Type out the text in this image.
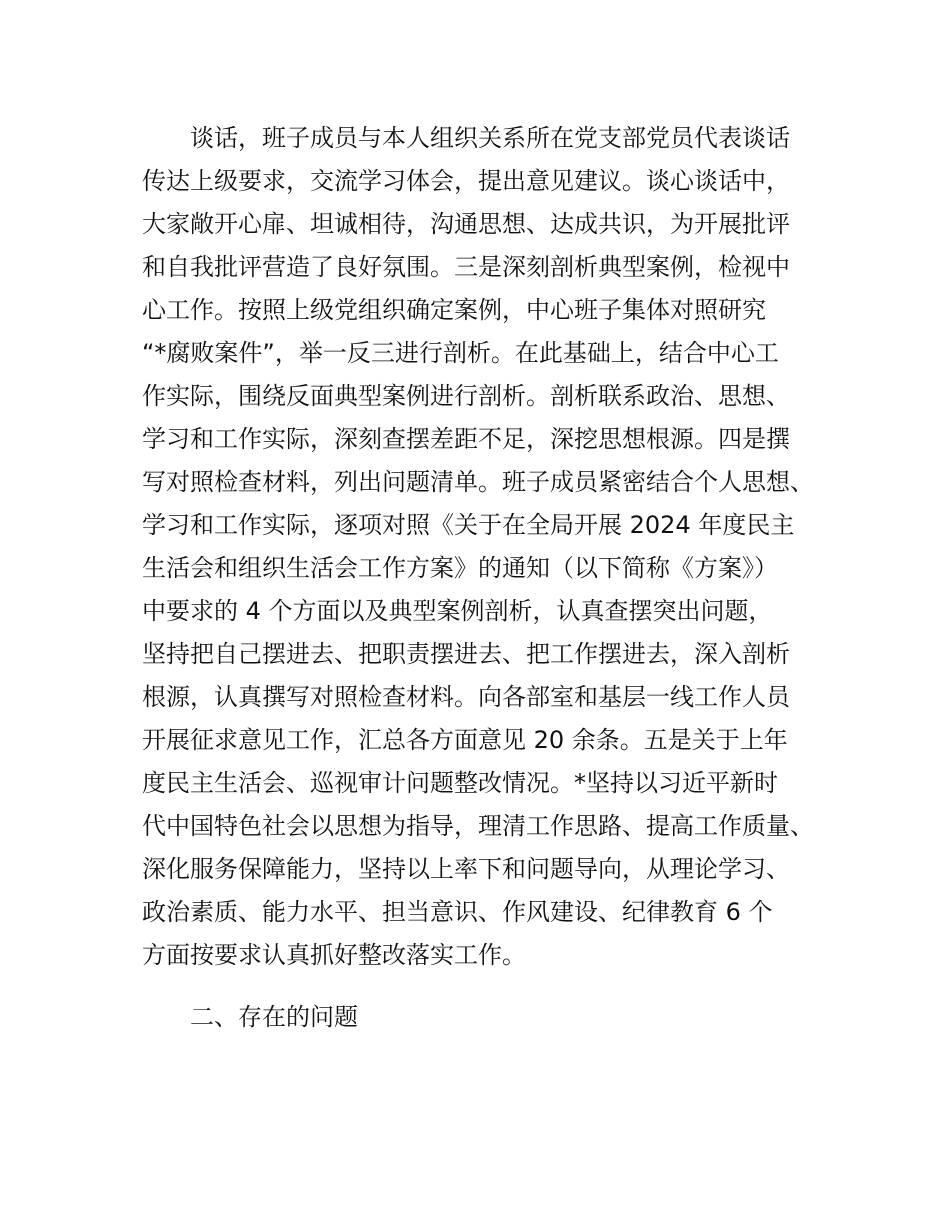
谈话，班子成员与本人组织关系所在党支部党员代表谈话
传达上级要求，交流学习体会，提出意见建议。谈心谈话中，
大家敞开心扉、坦诚相待，沟通思想、达成共识，为开展批评
和自我批评营造了良好氛围。三是深刻剖析典型案例，检视中
心工作。按照上级党组织确定案例，中心班子集体对照研究
“*腐败案件”，举一反三进行剖析。在此基础上，结合中心工
作实际，围绕反面典型案例进行剖析。剖析联系政治、思想、
学习和工作实际，深刻查摆差距不足，深挖思想根源。四是撰
写对照检查材料，列出问题清单。班子成员紧密结合个人思想、
学习和工作实际，逐项对照《关于在全局开展 2024 年度民主
生活会和组织生活会工作方案》的通知（以下简称《方案》）
中要求的 4 个方面以及典型案例剖析，认真查摆突出问题，
坚持把自己摆进去、把职责摆进去、把工作摆进去，深入剖析
根源，认真撰写对照检查材料。向各部室和基层一线工作人员
开展征求意见工作，汇总各方面意见 20 余条。五是关于上年
度民主生活会、巡视审计问题整改情况。*坚持以习近平新时
代中国特色社会以思想为指导，理清工作思路、提高工作质量、
深化服务保障能力，坚持以上率下和问题导向，从理论学习、
政治素质、能力水平、担当意识、作风建设、纪律教育 6 个
方面按要求认真抓好整改落实工作。
二、存在的问题
